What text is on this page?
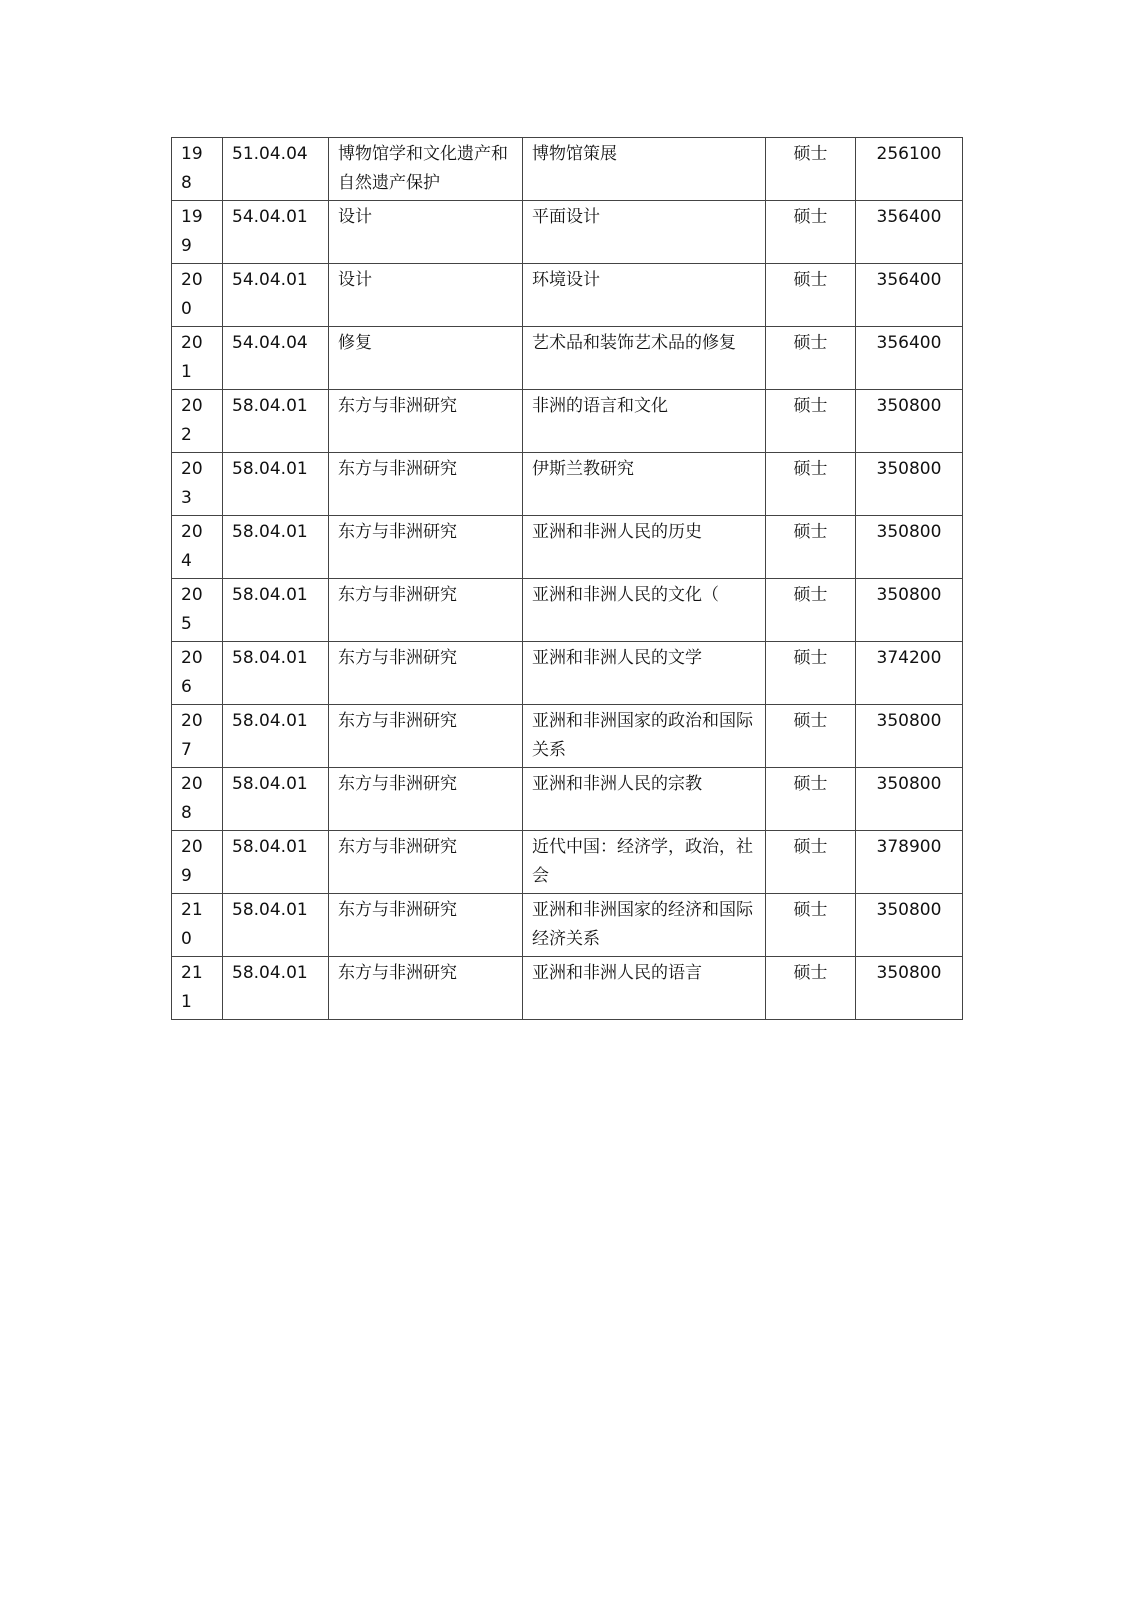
198	51.04.04	博物馆学和文化遗产和自然遗产保护	博物馆策展	硕士	256100
199	54.04.01	设计	平面设计	硕士	356400
200	54.04.01	设计	环境设计	硕士	356400
201	54.04.04	修复	艺术品和装饰艺术品的修复	硕士	356400
202	58.04.01	东方与非洲研究	非洲的语言和文化	硕士	350800
203	58.04.01	东方与非洲研究	伊斯兰教研究	硕士	350800
204	58.04.01	东方与非洲研究	亚洲和非洲人民的历史	硕士	350800
205	58.04.01	东方与非洲研究	亚洲和非洲人民的文化（	硕士	350800
206	58.04.01	东方与非洲研究	亚洲和非洲人民的文学	硕士	374200
207	58.04.01	东方与非洲研究	亚洲和非洲国家的政治和国际关系	硕士	350800
208	58.04.01	东方与非洲研究	亚洲和非洲人民的宗教	硕士	350800
209	58.04.01	东方与非洲研究	近代中国：经济学，政治，社会	硕士	378900
210	58.04.01	东方与非洲研究	亚洲和非洲国家的经济和国际经济关系	硕士	350800
211	58.04.01	东方与非洲研究	亚洲和非洲人民的语言	硕士	350800
